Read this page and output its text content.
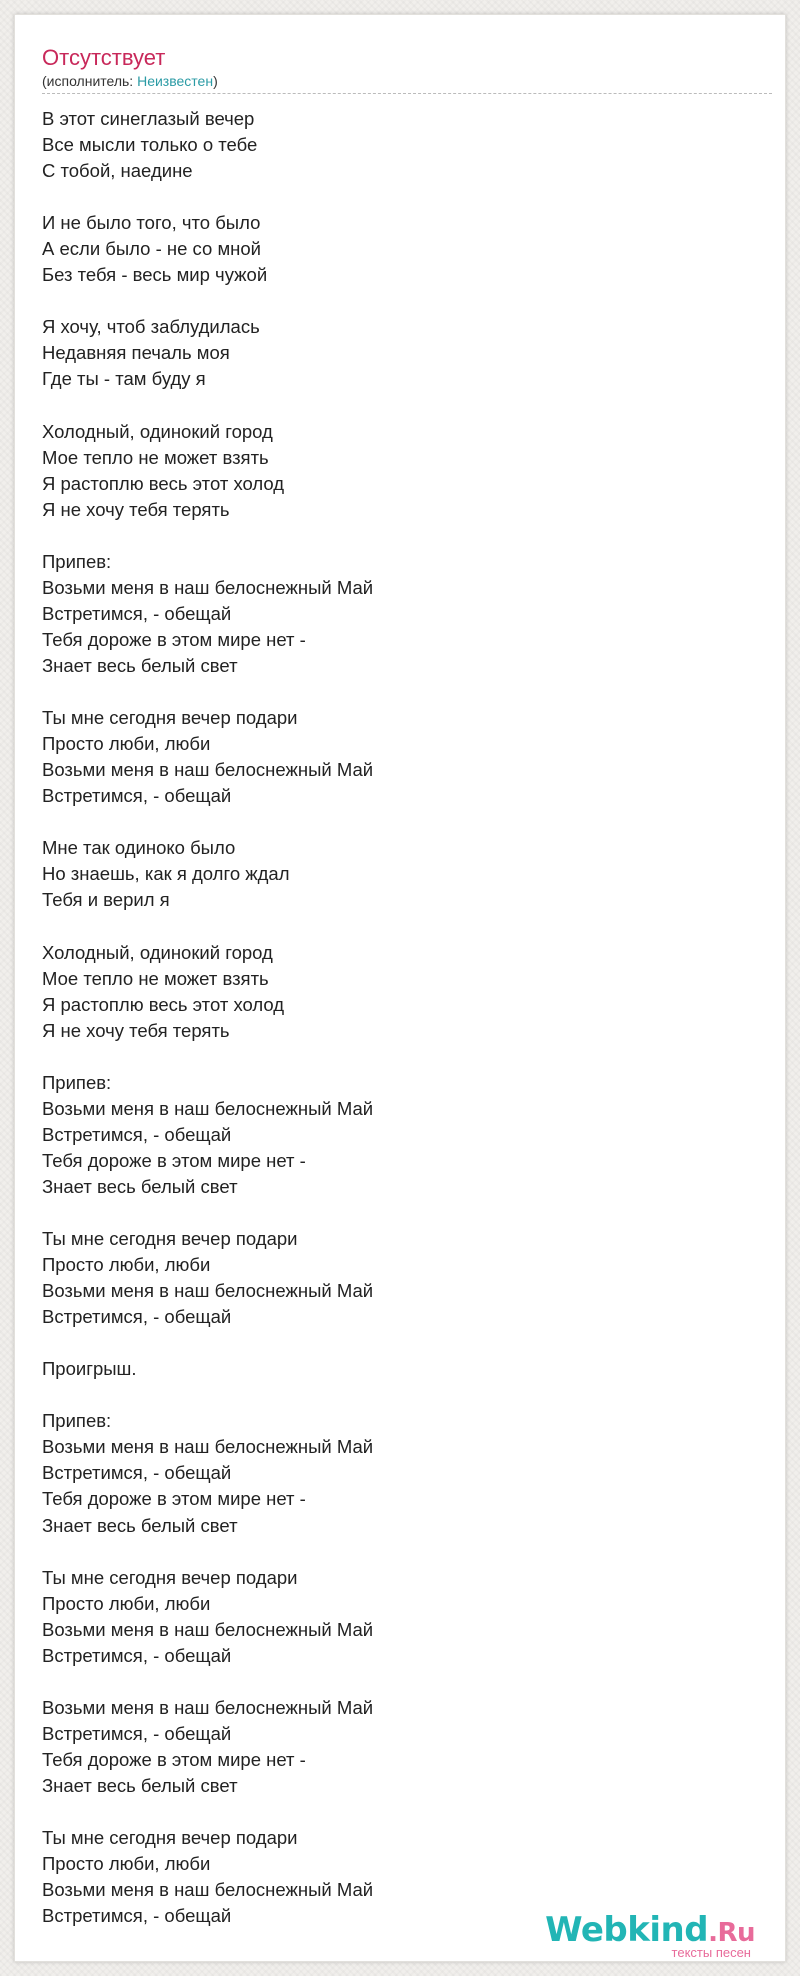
Отсутствует
(исполнитель: Неизвестен)
В этот синеглазый вечер
Все мысли только о тебе
С тобой, наедине

И не было того, что было
А если было - не со мной
Без тебя - весь мир чужой

Я хочу, чтоб заблудилась
Недавняя печаль моя
Где ты - там буду я

Холодный, одинокий город
Мое тепло не может взять
Я растоплю весь этот холод
Я не хочу тебя терять

Припев:
Возьми меня в наш белоснежный Май
Встретимся, - обещай
Тебя дороже в этом мире нет -
Знает весь белый свет

Ты мне сегодня вечер подари
Просто люби, люби
Возьми меня в наш белоснежный Май
Встретимся, - обещай

Мне так одиноко было
Но знаешь, как я долго ждал
Тебя и верил я

Холодный, одинокий город
Мое тепло не может взять
Я растоплю весь этот холод
Я не хочу тебя терять

Припев:
Возьми меня в наш белоснежный Май
Встретимся, - обещай
Тебя дороже в этом мире нет -
Знает весь белый свет

Ты мне сегодня вечер подари
Просто люби, люби
Возьми меня в наш белоснежный Май
Встретимся, - обещай

Проигрыш.

Припев:
Возьми меня в наш белоснежный Май
Встретимся, - обещай
Тебя дороже в этом мире нет -
Знает весь белый свет

Ты мне сегодня вечер подари
Просто люби, люби
Возьми меня в наш белоснежный Май
Встретимся, - обещай

Возьми меня в наш белоснежный Май
Встретимся, - обещай
Тебя дороже в этом мире нет -
Знает весь белый свет

Ты мне сегодня вечер подари
Просто люби, люби
Возьми меня в наш белоснежный Май
Встретимся, - обещай	Webkind.Ru
тексты песен
